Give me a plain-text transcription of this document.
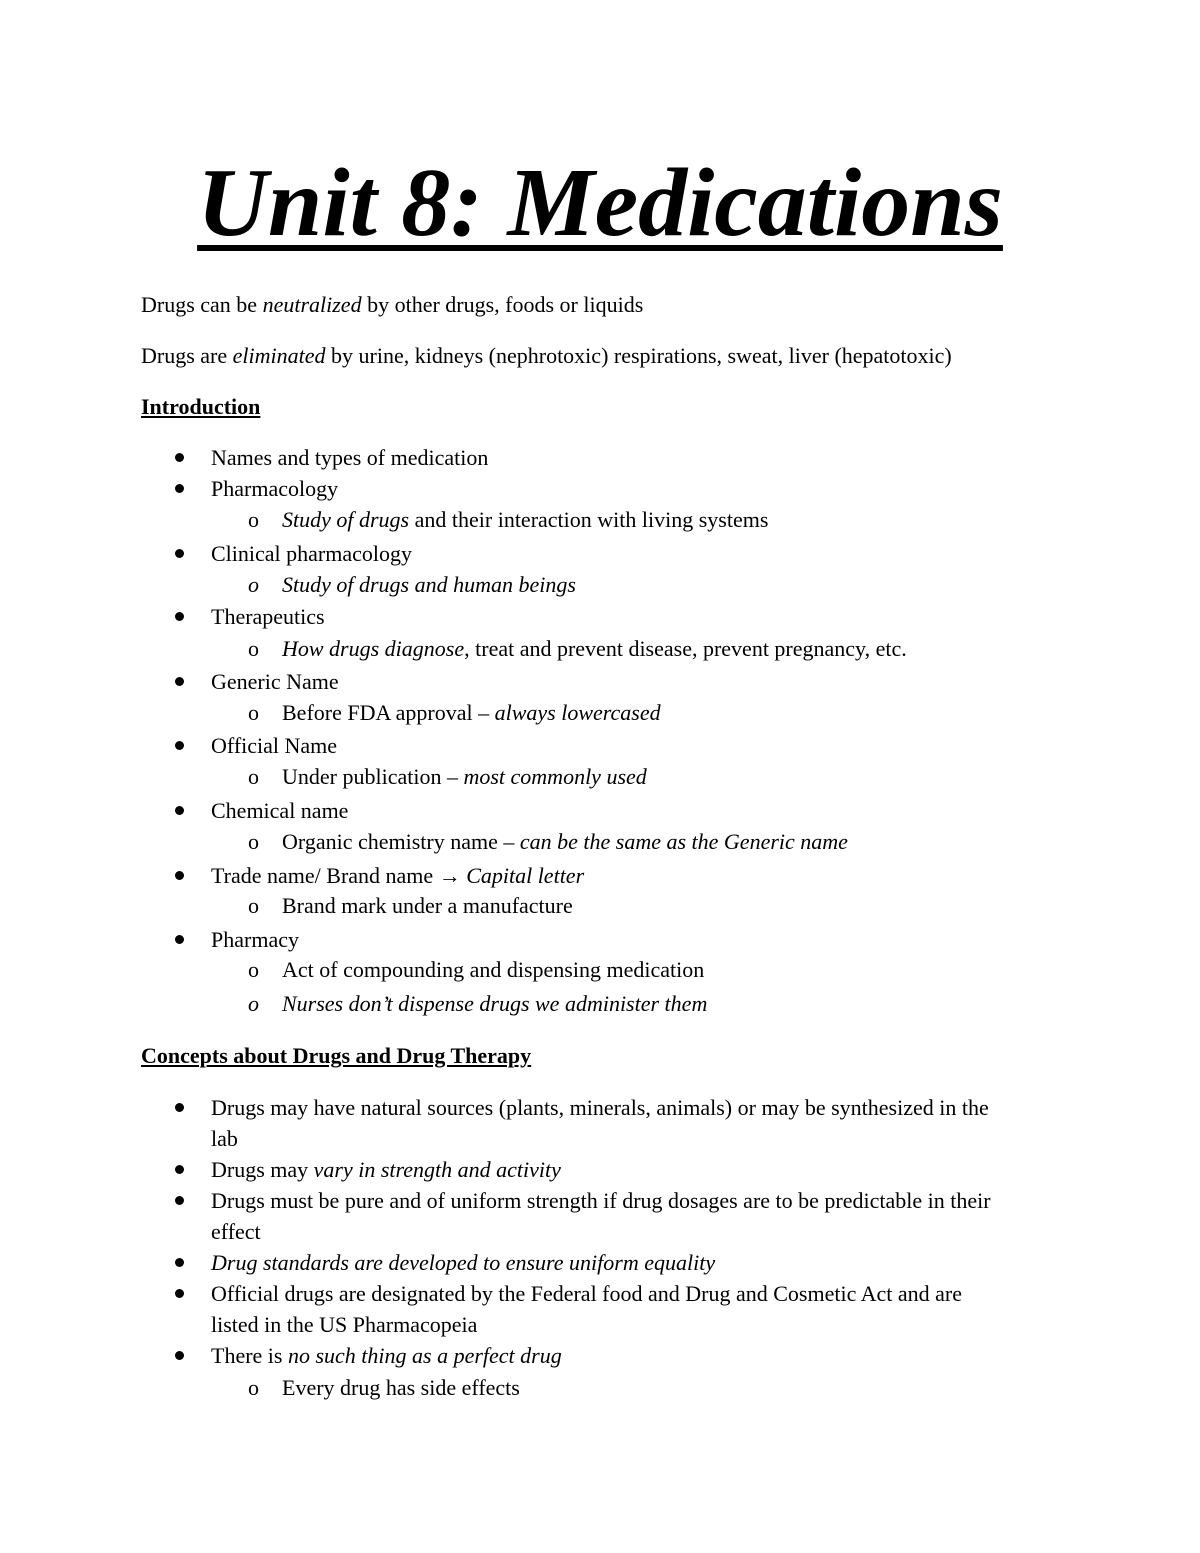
Unit 8: Medications
Drugs can be neutralized by other drugs, foods or liquids
Drugs are eliminated by urine, kidneys (nephrotoxic) respirations, sweat, liver (hepatotoxic)
Introduction
Names and types of medication
Pharmacology
o Study of drugs and their interaction with living systems
Clinical pharmacology
o Study of drugs and human beings
Therapeutics
o How drugs diagnose, treat and prevent disease, prevent pregnancy, etc.
Generic Name
o Before FDA approval – always lowercased
Official Name
o Under publication – most commonly used
Chemical name
o Organic chemistry name – can be the same as the Generic name
Trade name/ Brand name → Capital letter
o Brand mark under a manufacture
Pharmacy
o Act of compounding and dispensing medication
o Nurses don’t dispense drugs we administer them
Concepts about Drugs and Drug Therapy
Drugs may have natural sources (plants, minerals, animals) or may be synthesized in the
lab
Drugs may vary in strength and activity
Drugs must be pure and of uniform strength if drug dosages are to be predictable in their
effect
Drug standards are developed to ensure uniform equality
Official drugs are designated by the Federal food and Drug and Cosmetic Act and are
listed in the US Pharmacopeia
There is no such thing as a perfect drug
o Every drug has side effects
